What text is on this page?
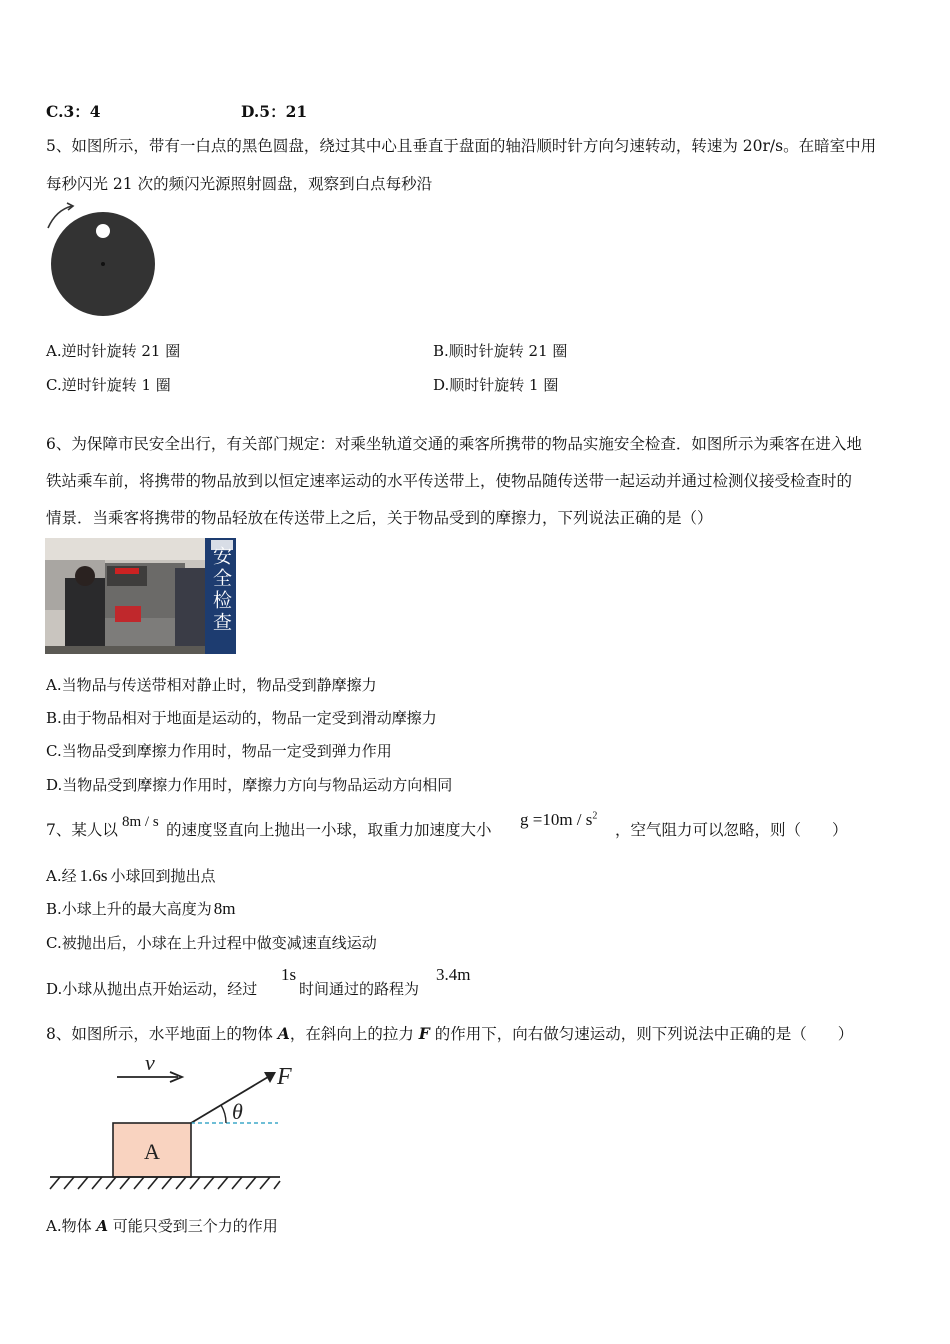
C.3：4	D.5：21
5、如图所示，带有一白点的黑色圆盘，绕过其中心且垂直于盘面的轴沿顺时针方向匀速转动，转速为 20r/s。在暗室中用
每秒闪光 21 次的频闪光源照射圆盘，观察到白点每秒沿
A.逆时针旋转 21 圈	B.顺时针旋转 21 圈
C.逆时针旋转 1 圈	D.顺时针旋转 1 圈
6、为保障市民安全出行，有关部门规定：对乘坐轨道交通的乘客所携带的物品实施安全检查．如图所示为乘客在进入地
铁站乘车前，将携带的物品放到以恒定速率运动的水平传送带上，使物品随传送带一起运动并通过检测仪接受检查时的
情景．当乘客将携带的物品轻放在传送带上之后，关于物品受到的摩擦力，下列说法正确的是（）
安全检查
A.当物品与传送带相对静止时，物品受到静摩擦力
B.由于物品相对于地面是运动的，物品一定受到滑动摩擦力
C.当物品受到摩擦力作用时，物品一定受到弹力作用
D.当物品受到摩擦力作用时，摩擦力方向与物品运动方向相同
7、某人以 8m / s 的速度竖直向上抛出一小球，取重力加速度大小
$g =10m / s^2$
，空气阻力可以忽略，则（　　）
A.经 1.6s 小球回到抛出点
B.小球上升的最大高度为 8m
C.被抛出后，小球在上升过程中做变减速直线运动
D.小球从抛出点开始运动，经过
1s
时间通过的路程为
3.4m
8、如图所示，水平地面上的物体 A，在斜向上的拉力 F 的作用下，向右做匀速运动，则下列说法中正确的是（　　）
v
F
θ
A
A.物体 A 可能只受到三个力的作用
